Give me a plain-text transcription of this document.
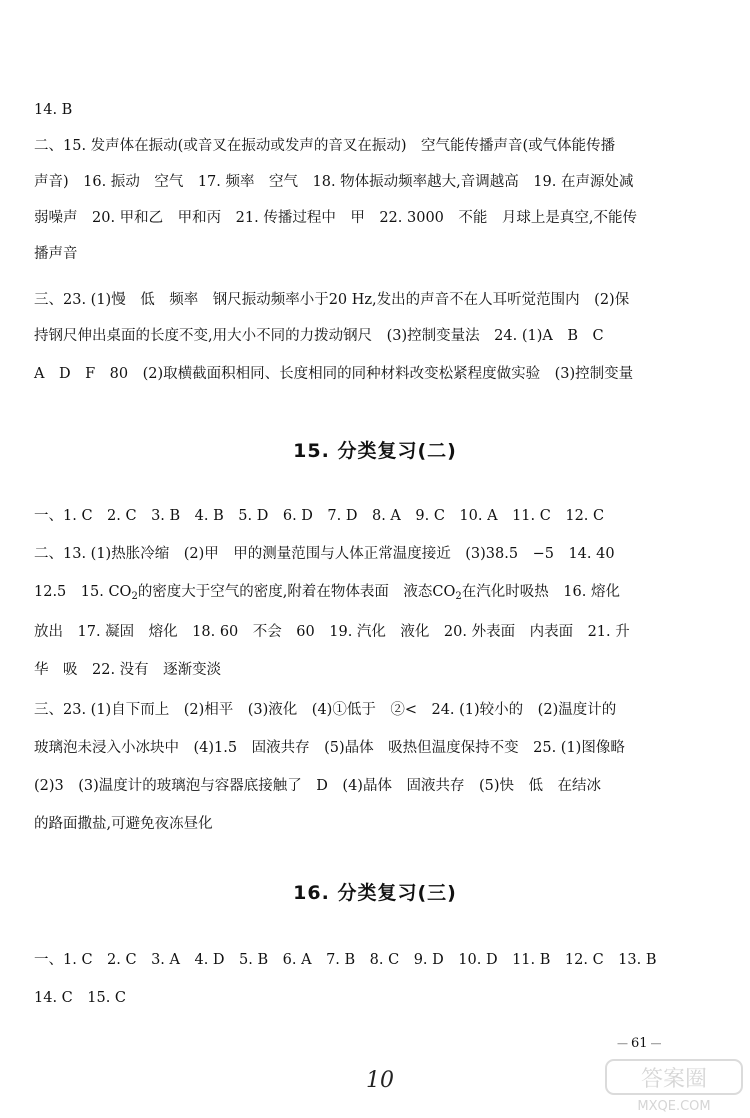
14. B
二、15. 发声体在振动(或音叉在振动或发声的音叉在振动)　空气能传播声音(或气体能传播
声音)　16. 振动　空气　17. 频率　空气　18. 物体振动频率越大,音调越高　19. 在声源处减
弱噪声　20. 甲和乙　甲和丙　21. 传播过程中　甲　22. 3000　不能　月球上是真空,不能传
播声音
三、23. (1)慢　低　频率　钢尺振动频率小于20 Hz,发出的声音不在人耳听觉范围内　(2)保
持钢尺伸出桌面的长度不变,用大小不同的力拨动钢尺　(3)控制变量法　24. (1)A　B　C
A　D　F　80　(2)取横截面积相同、长度相同的同种材料改变松紧程度做实验　(3)控制变量
15. 分类复习(二)
一、1. C　2. C　3. B　4. B　5. D　6. D　7. D　8. A　9. C　10. A　11. C　12. C
二、13. (1)热胀冷缩　(2)甲　甲的测量范围与人体正常温度接近　(3)38.5　−5　14. 40
12.5　15. $CO_2$的密度大于空气的密度,附着在物体表面　液态$CO_2$在汽化时吸热　16. 熔化
放出　17. 凝固　熔化　18. 60　不会　60　19. 汽化　液化　20. 外表面　内表面　21. 升
华　吸　22. 没有　逐渐变淡
三、23. (1)自下而上　(2)相平　(3)液化　(4)①低于　②<　24. (1)较小的　(2)温度计的
玻璃泡未浸入小冰块中　(4)1.5　固液共存　(5)晶体　吸热但温度保持不变　25. (1)图像略
(2)3　(3)温度计的玻璃泡与容器底接触了　D　(4)晶体　固液共存　(5)快　低　在结冰
的路面撒盐,可避免夜冻昼化
16. 分类复习(三)
一、1. C　2. C　3. A　4. D　5. B　6. A　7. B　8. C　9. D　10. D　11. B　12. C　13. B
14. C　15. C
— 61 —
10	答案圈
MXQE.COM
